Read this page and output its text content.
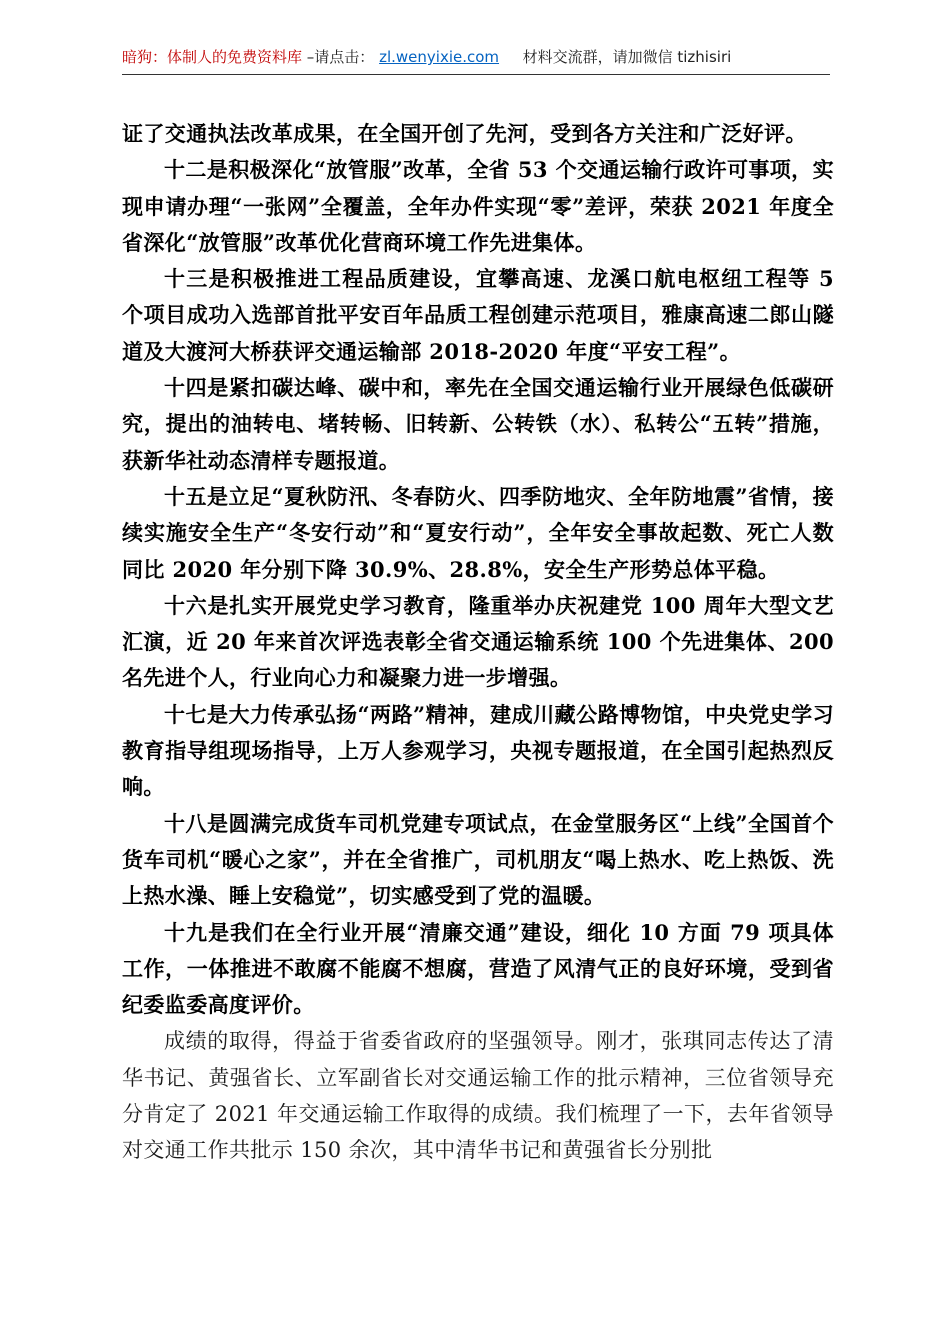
暗狗：体制人的免费资料库 –请点击： zl.wenyixie.com 材料交流群，请加微信 tizhisiri

证了交通执法改革成果，在全国开创了先河，受到各方关注和广泛好评。

十二是积极深化“放管服”改革，全省 53 个交通运输行政许可事项，实现申请办理“一张网”全覆盖，全年办件实现“零”差评，荣获 2021 年度全省深化“放管服”改革优化营商环境工作先进集体。

十三是积极推进工程品质建设，宜攀高速、龙溪口航电枢纽工程等 5 个项目成功入选部首批平安百年品质工程创建示范项目，雅康高速二郎山隧道及大渡河大桥获评交通运输部 2018-2020 年度“平安工程”。

十四是紧扣碳达峰、碳中和，率先在全国交通运输行业开展绿色低碳研究，提出的油转电、堵转畅、旧转新、公转铁（水）、私转公“五转”措施，获新华社动态清样专题报道。

十五是立足“夏秋防汛、冬春防火、四季防地灾、全年防地震”省情，接续实施安全生产“冬安行动”和“夏安行动”，全年安全事故起数、死亡人数同比 2020 年分别下降 30.9%、28.8%，安全生产形势总体平稳。

十六是扎实开展党史学习教育，隆重举办庆祝建党 100 周年大型文艺汇演，近 20 年来首次评选表彰全省交通运输系统 100 个先进集体、200 名先进个人，行业向心力和凝聚力进一步增强。

十七是大力传承弘扬“两路”精神，建成川藏公路博物馆，中央党史学习教育指导组现场指导，上万人参观学习，央视专题报道，在全国引起热烈反响。

十八是圆满完成货车司机党建专项试点，在金堂服务区“上线”全国首个货车司机“暖心之家”，并在全省推广，司机朋友“喝上热水、吃上热饭、洗上热水澡、睡上安稳觉”，切实感受到了党的温暖。

十九是我们在全行业开展“清廉交通”建设，细化 10 方面 79 项具体工作，一体推进不敢腐不能腐不想腐，营造了风清气正的良好环境，受到省纪委监委高度评价。

成绩的取得，得益于省委省政府的坚强领导。刚才，张琪同志传达了清华书记、黄强省长、立军副省长对交通运输工作的批示精神，三位省领导充分肯定了 2021 年交通运输工作取得的成绩。我们梳理了一下，去年省领导对交通工作共批示 150 余次，其中清华书记和黄强省长分别批
